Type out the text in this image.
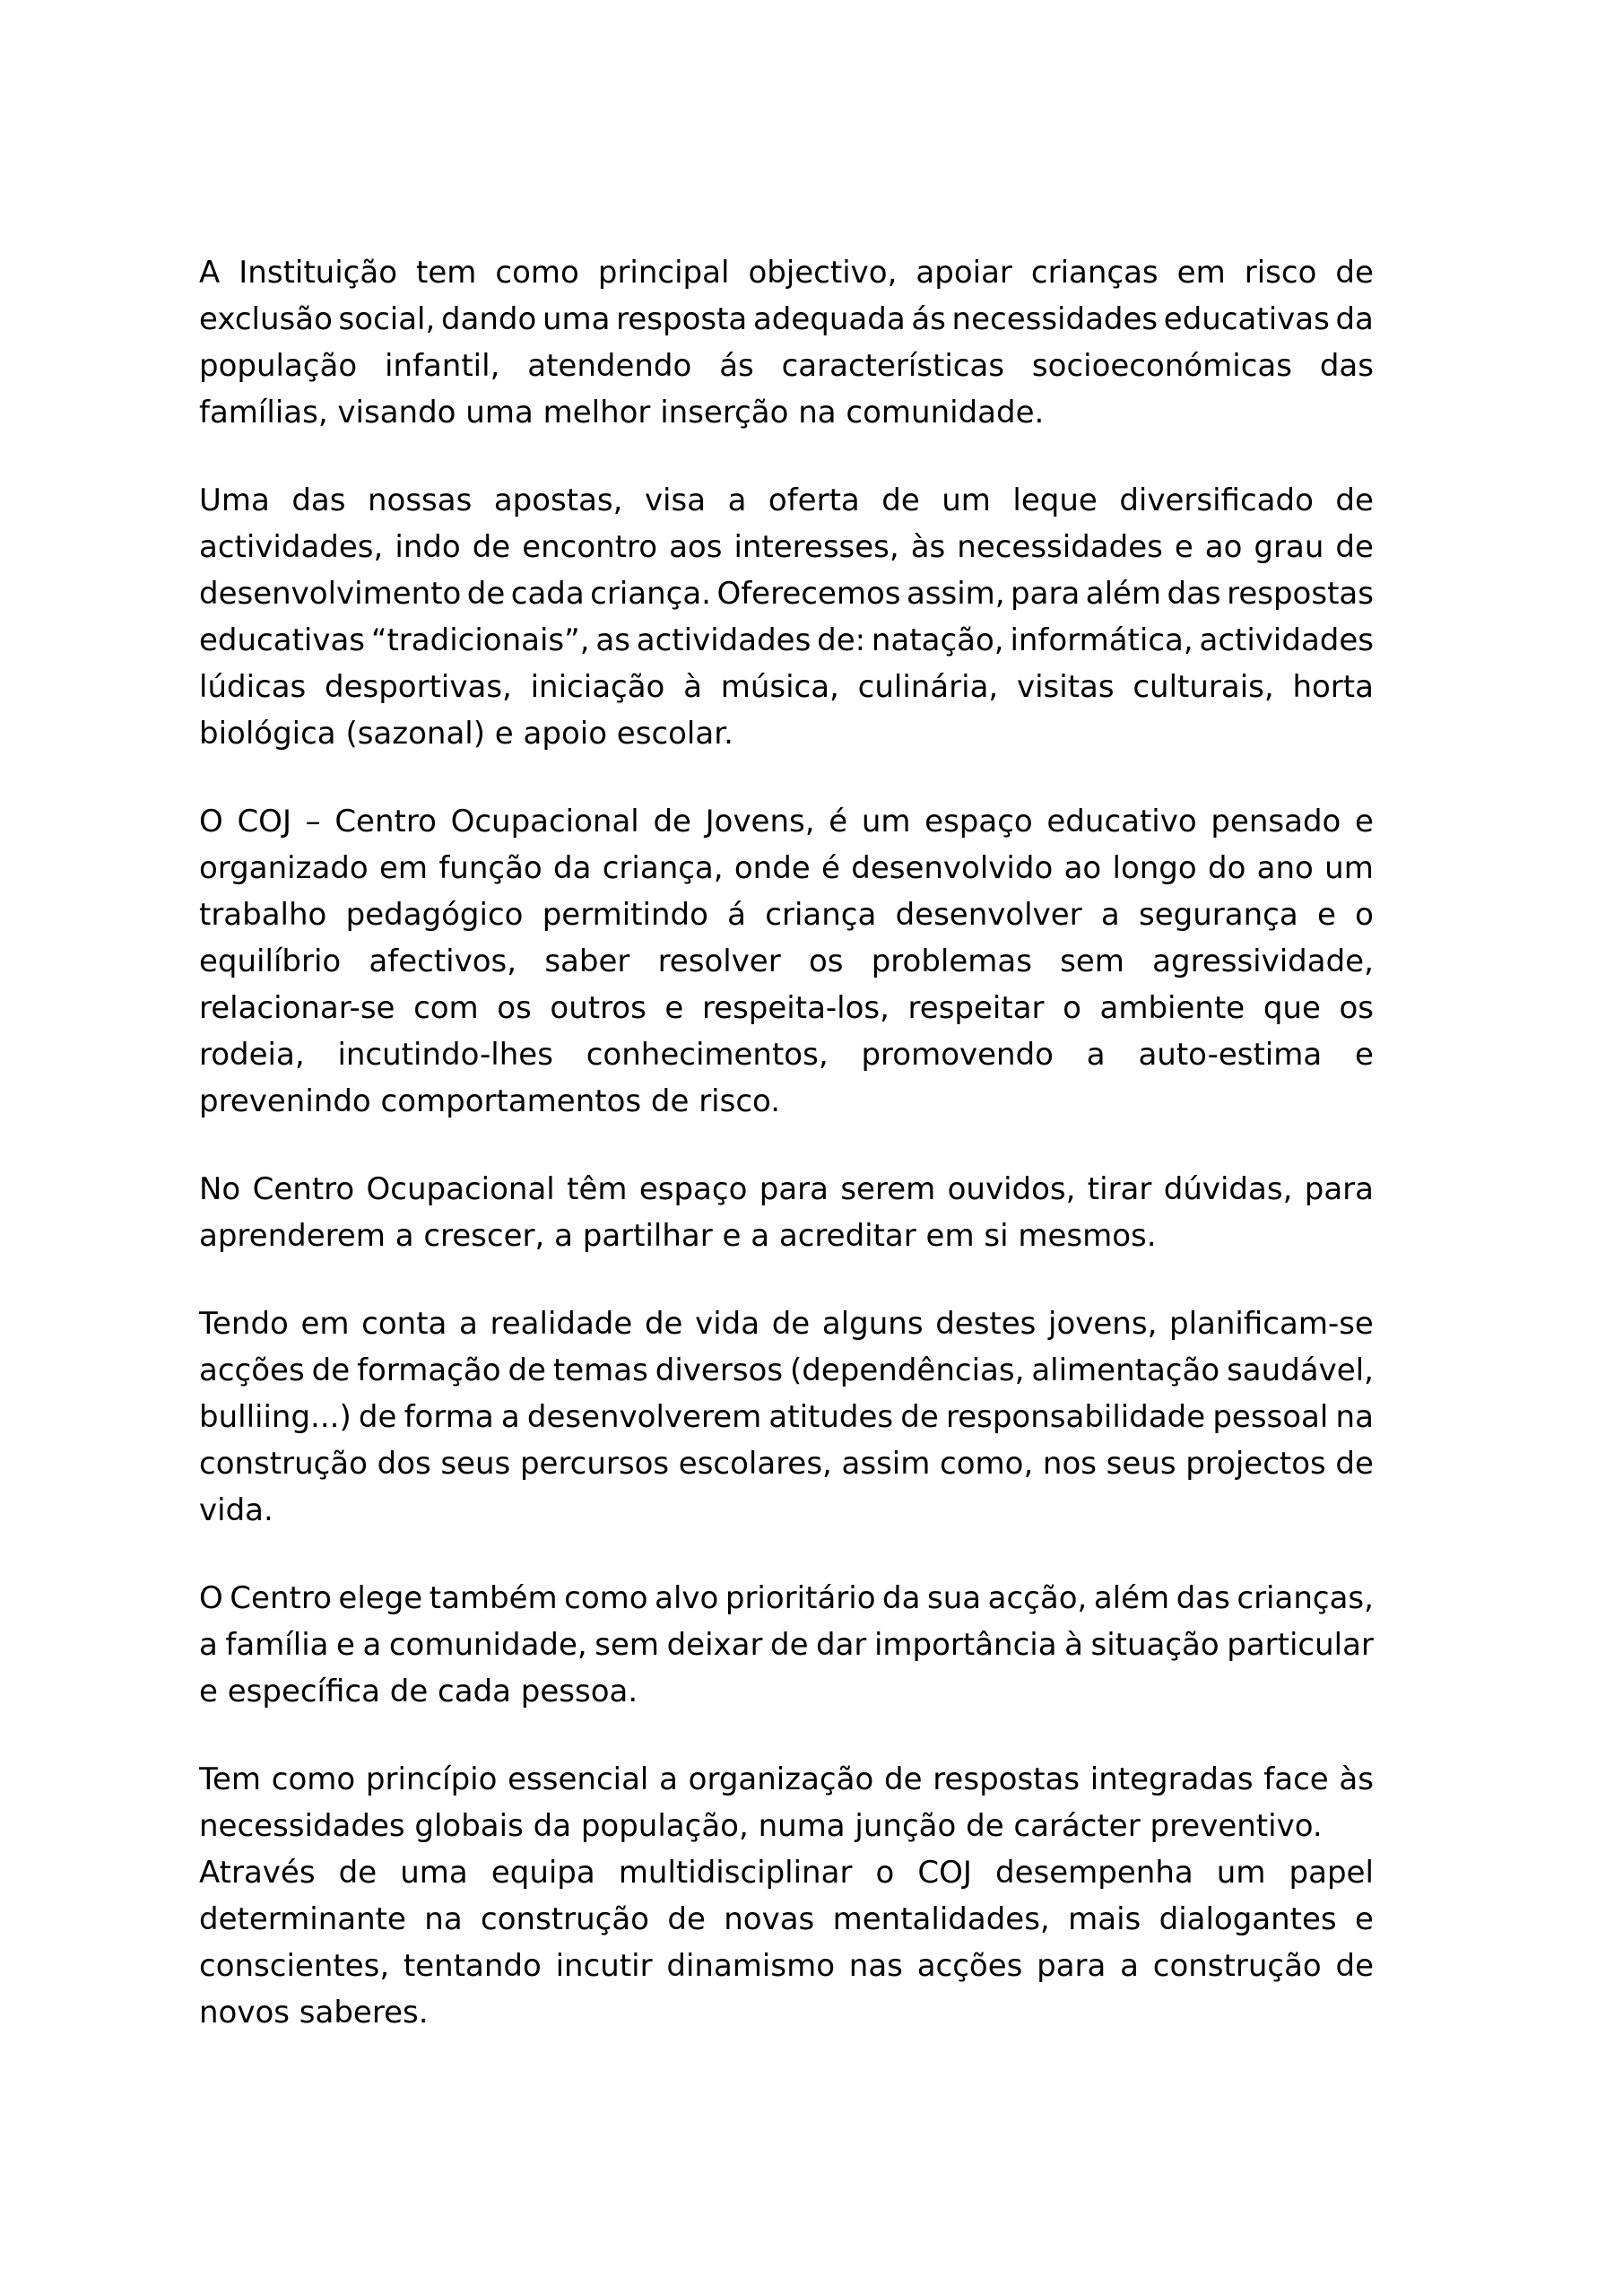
A Instituição tem como principal objectivo, apoiar crianças em risco de
exclusão social, dando uma resposta adequada ás necessidades educativas da
população infantil, atendendo ás características socioeconómicas das
famílias, visando uma melhor inserção na comunidade.
Uma das nossas apostas, visa a oferta de um leque diversificado de
actividades, indo de encontro aos interesses, às necessidades e ao grau de
desenvolvimento de cada criança. Oferecemos assim, para além das respostas
educativas “tradicionais”, as actividades de: natação, informática, actividades
lúdicas desportivas, iniciação à música, culinária, visitas culturais, horta
biológica (sazonal) e apoio escolar.
O COJ – Centro Ocupacional de Jovens, é um espaço educativo pensado e
organizado em função da criança, onde é desenvolvido ao longo do ano um
trabalho pedagógico permitindo á criança desenvolver a segurança e o
equilíbrio afectivos, saber resolver os problemas sem agressividade,
relacionar-se com os outros e respeita-los, respeitar o ambiente que os
rodeia, incutindo-lhes conhecimentos, promovendo a auto-estima e
prevenindo comportamentos de risco.
No Centro Ocupacional têm espaço para serem ouvidos, tirar dúvidas, para
aprenderem a crescer, a partilhar e a acreditar em si mesmos.
Tendo em conta a realidade de vida de alguns destes jovens, planificam-se
acções de formação de temas diversos (dependências, alimentação saudável,
bulliing...) de forma a desenvolverem atitudes de responsabilidade pessoal na
construção dos seus percursos escolares, assim como, nos seus projectos de
vida.
O Centro elege também como alvo prioritário da sua acção, além das crianças,
a família e a comunidade, sem deixar de dar importância à situação particular
e específica de cada pessoa.
Tem como princípio essencial a organização de respostas integradas face às
necessidades globais da população, numa junção de carácter preventivo.
Através de uma equipa multidisciplinar o COJ desempenha um papel
determinante na construção de novas mentalidades, mais dialogantes e
conscientes, tentando incutir dinamismo nas acções para a construção de
novos saberes.
